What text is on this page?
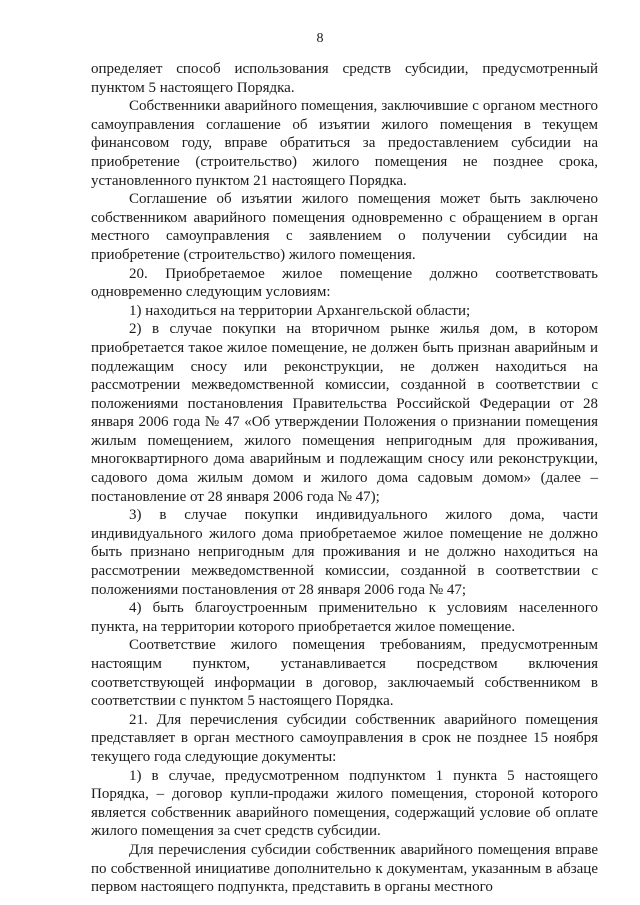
8

определяет способ использования средств субсидии, предусмотренный пунктом 5 настоящего Порядка.

Собственники аварийного помещения, заключившие с органом местного самоуправления соглашение об изъятии жилого помещения в текущем финансовом году, вправе обратиться за предоставлением субсидии на приобретение (строительство) жилого помещения не позднее срока, установленного пунктом 21 настоящего Порядка.

Соглашение об изъятии жилого помещения может быть заключено собственником аварийного помещения одновременно с обращением в орган местного самоуправления с заявлением о получении субсидии на приобретение (строительство) жилого помещения.

20. Приобретаемое жилое помещение должно соответствовать одновременно следующим условиям:

1) находиться на территории Архангельской области;

2) в случае покупки на вторичном рынке жилья дом, в котором приобретается такое жилое помещение, не должен быть признан аварийным и подлежащим сносу или реконструкции, не должен находиться на рассмотрении межведомственной комиссии, созданной в соответствии с положениями постановления Правительства Российской Федерации от 28 января 2006 года № 47 «Об утверждении Положения о признании помещения жилым помещением, жилого помещения непригодным для проживания, многоквартирного дома аварийным и подлежащим сносу или реконструкции, садового дома жилым домом и жилого дома садовым домом» (далее – постановление от 28 января 2006 года № 47);

3) в случае покупки индивидуального жилого дома, части индивидуального жилого дома приобретаемое жилое помещение не должно быть признано непригодным для проживания и не должно находиться на рассмотрении межведомственной комиссии, созданной в соответствии с положениями постановления от 28 января 2006 года № 47;

4) быть благоустроенным применительно к условиям населенного пункта, на территории которого приобретается жилое помещение.

Соответствие жилого помещения требованиям, предусмотренным настоящим пунктом, устанавливается посредством включения соответствующей информации в договор, заключаемый собственником в соответствии с пунктом 5 настоящего Порядка.

21. Для перечисления субсидии собственник аварийного помещения представляет в орган местного самоуправления в срок не позднее 15 ноября текущего года следующие документы:

1) в случае, предусмотренном подпунктом 1 пункта 5 настоящего Порядка, – договор купли-продажи жилого помещения, стороной которого является собственник аварийного помещения, содержащий условие об оплате жилого помещения за счет средств субсидии.

Для перечисления субсидии собственник аварийного помещения вправе по собственной инициативе дополнительно к документам, указанным в абзаце первом настоящего подпункта, представить в органы местного
